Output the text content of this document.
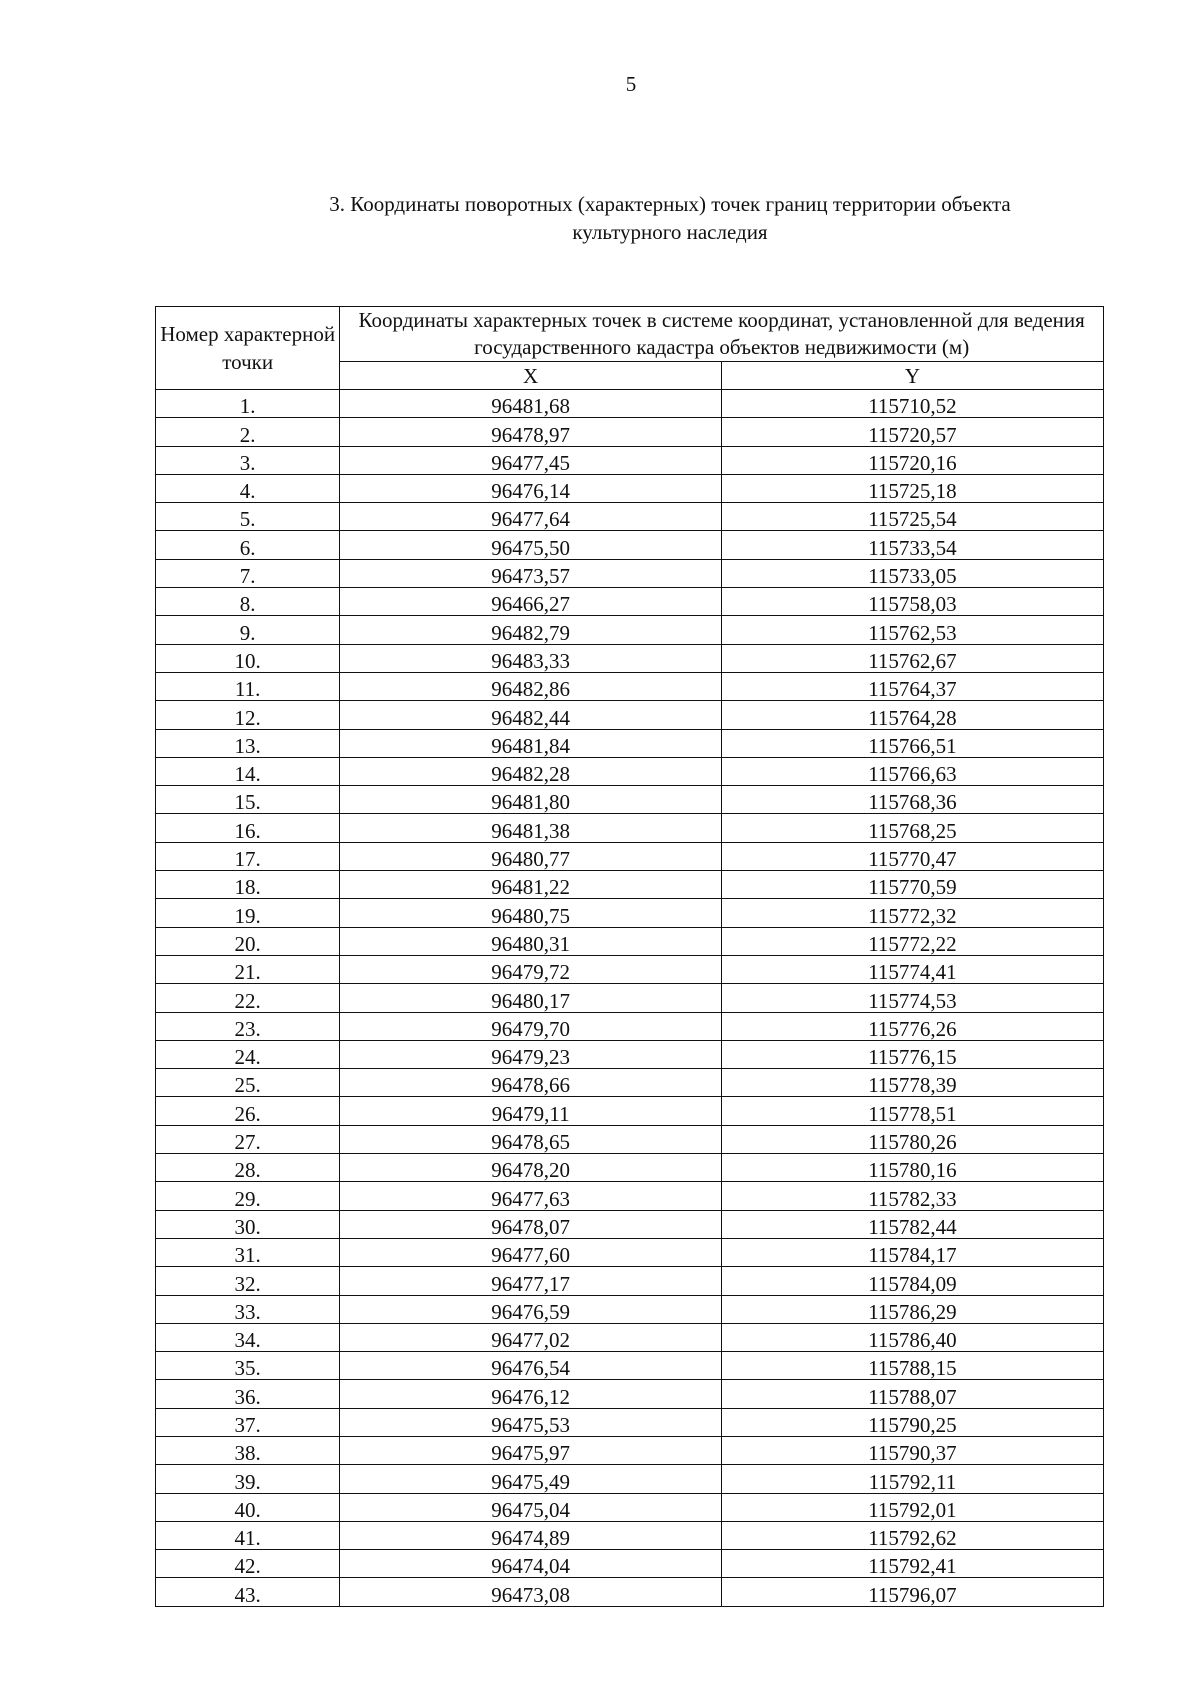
5
3. Координаты поворотных (характерных) точек границ территории объекта
культурного наследия
Номер характерной точки	Координаты характерных точек в системе координат, установленной для ведения государственного кадастра объектов недвижимости (м)	
	X	Y
1.	96481,68	115710,52
2.	96478,97	115720,57
3.	96477,45	115720,16
4.	96476,14	115725,18
5.	96477,64	115725,54
6.	96475,50	115733,54
7.	96473,57	115733,05
8.	96466,27	115758,03
9.	96482,79	115762,53
10.	96483,33	115762,67
11.	96482,86	115764,37
12.	96482,44	115764,28
13.	96481,84	115766,51
14.	96482,28	115766,63
15.	96481,80	115768,36
16.	96481,38	115768,25
17.	96480,77	115770,47
18.	96481,22	115770,59
19.	96480,75	115772,32
20.	96480,31	115772,22
21.	96479,72	115774,41
22.	96480,17	115774,53
23.	96479,70	115776,26
24.	96479,23	115776,15
25.	96478,66	115778,39
26.	96479,11	115778,51
27.	96478,65	115780,26
28.	96478,20	115780,16
29.	96477,63	115782,33
30.	96478,07	115782,44
31.	96477,60	115784,17
32.	96477,17	115784,09
33.	96476,59	115786,29
34.	96477,02	115786,40
35.	96476,54	115788,15
36.	96476,12	115788,07
37.	96475,53	115790,25
38.	96475,97	115790,37
39.	96475,49	115792,11
40.	96475,04	115792,01
41.	96474,89	115792,62
42.	96474,04	115792,41
43.	96473,08	115796,07
